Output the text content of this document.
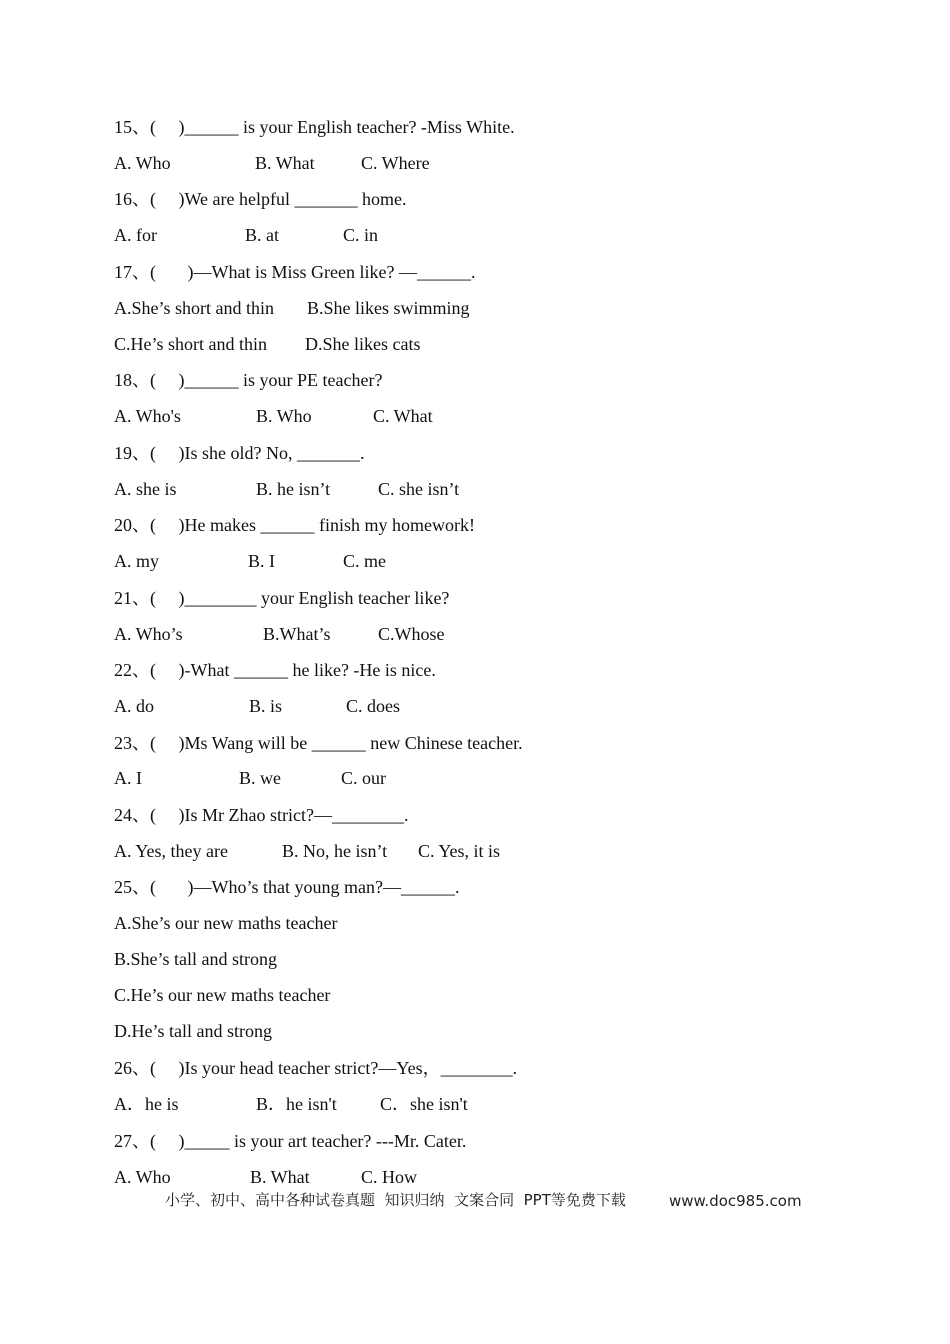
15、(     )______ is your English teacher? -Miss White.
A. Who	B. What	C. Where
16、(     )We are helpful _______ home.
A. for	B. at	C. in
17、(       )—What is Miss Green like? —______.
A.She’s short and thin B.She likes swimming
C.He’s short and thin D.She likes cats
18、(     )______ is your PE teacher?
A. Who's	B. Who	C. What
19、(     )Is she old? No, _______.
A. she is	B. he isn’t	C. she isn’t
20、(     )He makes ______ finish my homework!
A. my	B. I	C. me
21、(     )________ your English teacher like?
A. Who’s	B.What’s	C.Whose
22、(     )-What ______ he like? -He is nice.
A. do	B. is	C. does
23、(     )Ms Wang will be ______ new Chinese teacher.
A. I	B. we	C. our
24、(     )Is Mr Zhao strict?—________.
A. Yes, they are	B. No, he isn’t C. Yes, it is
25、(       )—Who’s that young man?—______.
A.She’s our new maths teacher
B.She’s tall and strong
C.He’s our new maths teacher
D.He’s tall and strong
26、(     )Is your head teacher strict?—Yes，________.
A．he is	B．he isn't C．she isn't
27、(     )_____ is your art teacher? ---Mr. Cater.
A. Who	B. What	C. How
小学、初中、高中各种试卷真题  知识归纳  文案合同  PPT等免费下载	www.doc985.com
